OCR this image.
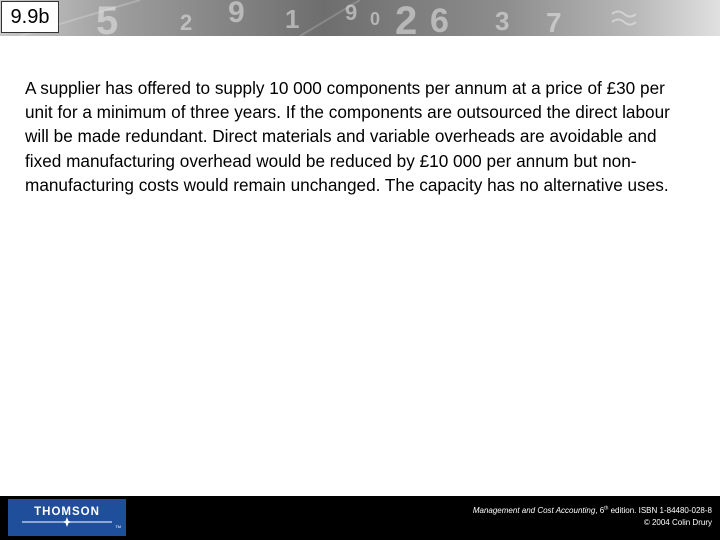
5	9 1 9 0 2 6 3 7
2
9.9b

A supplier has offered to supply 10 000 components per annum at a price of £30 per unit for a minimum of three years. If the components are outsourced the direct labour will be made redundant. Direct materials and variable overheads are avoidable and fixed manufacturing overhead would be reduced by £10 000 per annum but non-manufacturing costs would remain unchanged. The capacity has no alternative uses.

THOMSON
TM
Management and Cost Accounting, 6th edition. ISBN 1-84480-028-8
© 2004 Colin Drury
